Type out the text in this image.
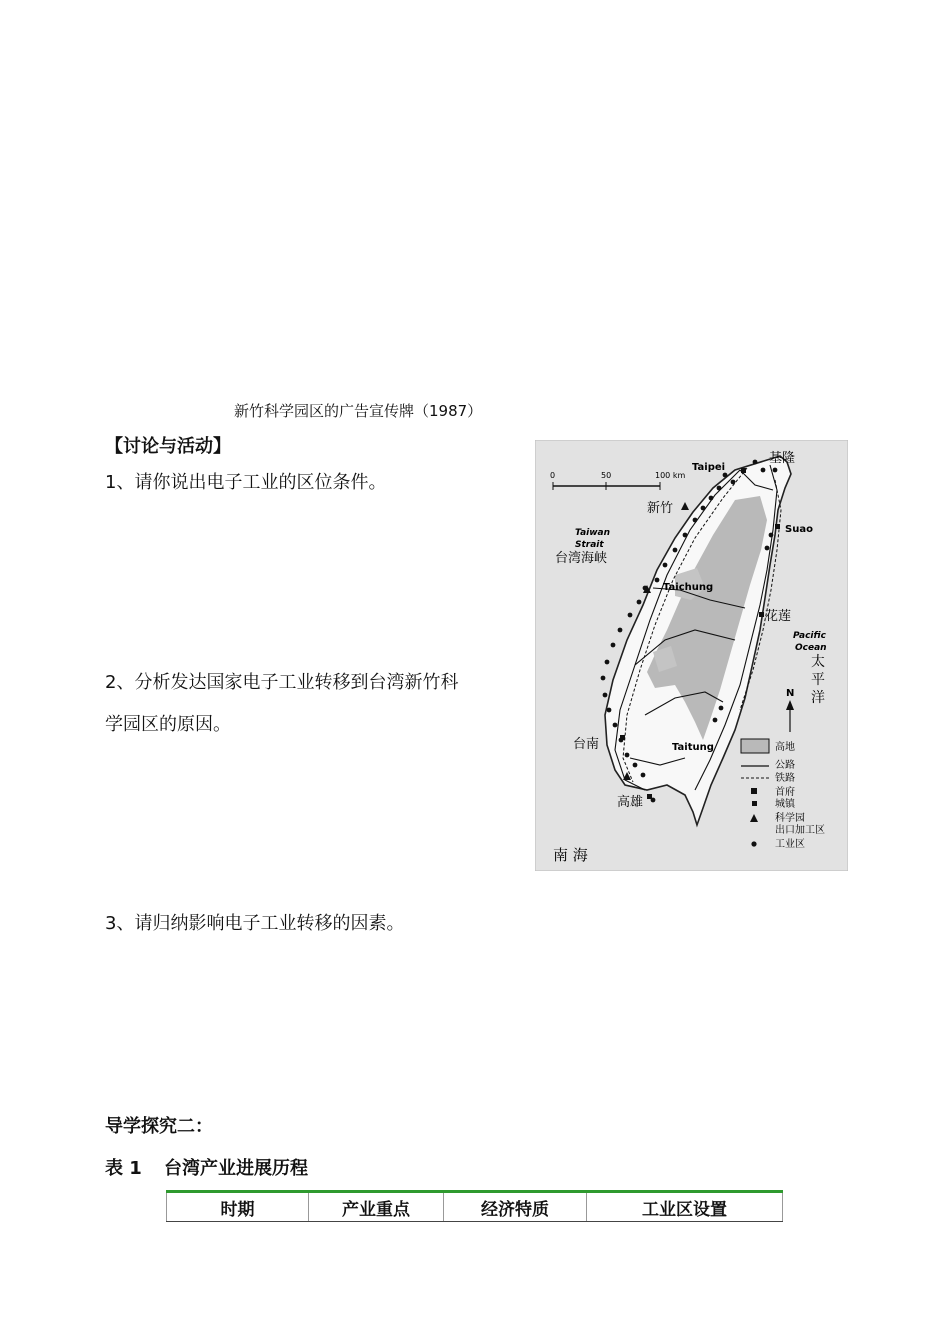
新竹科学园区的广告宣传牌（1987）
【讨论与活动】
1、请你说出电子工业的区位条件。
2、分析发达国家电子工业转移到台湾新竹科
学园区的原因。
3、请归纳影响电子工业转移的因素。
0	50	100 km
Taipei
基隆
新竹
Suao
Taiwan
Strait
台湾海峡
Taichung
花莲
Pacific
Ocean
太
平
洋
台南	Taitung
高雄
南 海
N
高地
公路
铁路
首府
城镇
科学园
出口加工区
工业区
导学探究二：
表 1 台湾产业进展历程
时期	产业重点	经济特质	工业区设置
